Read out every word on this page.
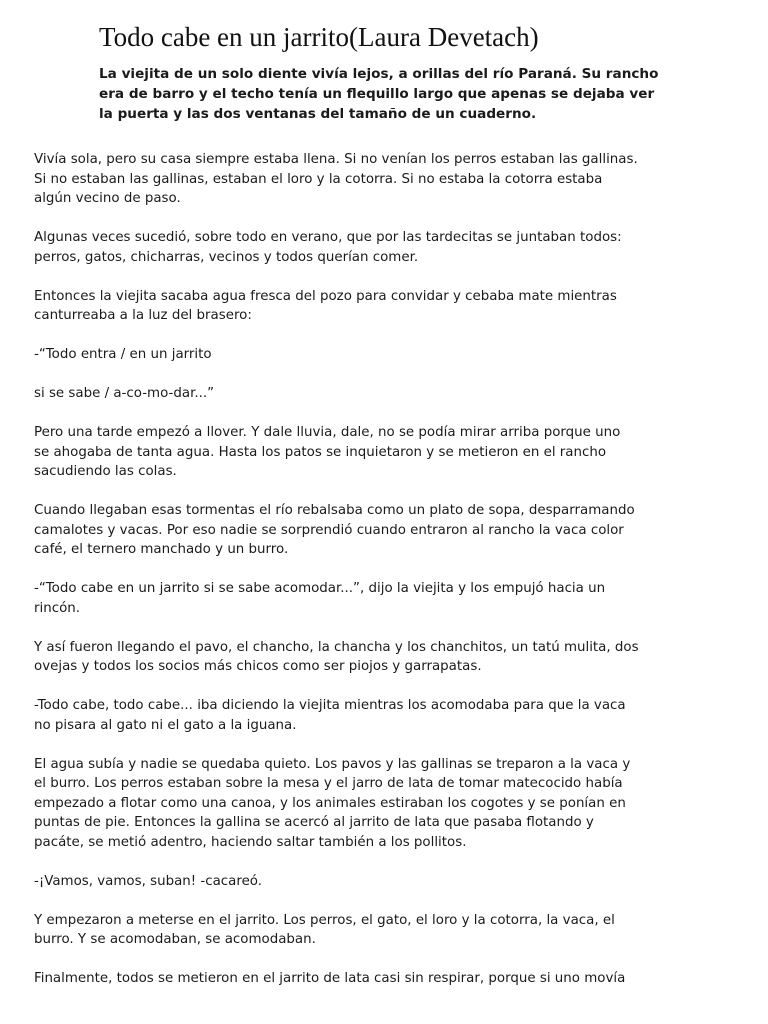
Todo cabe en un jarrito(Laura Devetach)
La viejita de un solo diente vivía lejos, a orillas del río Paraná. Su rancho
era de barro y el techo tenía un flequillo largo que apenas se dejaba ver
la puerta y las dos ventanas del tamaño de un cuaderno.

Vivía sola, pero su casa siempre estaba llena. Si no venían los perros estaban las gallinas.
Si no estaban las gallinas, estaban el loro y la cotorra. Si no estaba la cotorra estaba
algún vecino de paso.

Algunas veces sucedió, sobre todo en verano, que por las tardecitas se juntaban todos:
perros, gatos, chicharras, vecinos y todos querían comer.

Entonces la viejita sacaba agua fresca del pozo para convidar y cebaba mate mientras
canturreaba a la luz del brasero:

-“Todo entra / en un jarrito

si se sabe / a-co-mo-dar...”

Pero una tarde empezó a llover. Y dale lluvia, dale, no se podía mirar arriba porque uno
se ahogaba de tanta agua. Hasta los patos se inquietaron y se metieron en el rancho
sacudiendo las colas.

Cuando llegaban esas tormentas el río rebalsaba como un plato de sopa, desparramando
camalotes y vacas. Por eso nadie se sorprendió cuando entraron al rancho la vaca color
café, el ternero manchado y un burro.

-“Todo cabe en un jarrito si se sabe acomodar...”, dijo la viejita y los empujó hacia un
rincón.

Y así fueron llegando el pavo, el chancho, la chancha y los chanchitos, un tatú mulita, dos
ovejas y todos los socios más chicos como ser piojos y garrapatas.

-Todo cabe, todo cabe... iba diciendo la viejita mientras los acomodaba para que la vaca
no pisara al gato ni el gato a la iguana.

El agua subía y nadie se quedaba quieto. Los pavos y las gallinas se treparon a la vaca y
el burro. Los perros estaban sobre la mesa y el jarro de lata de tomar matecocido había
empezado a flotar como una canoa, y los animales estiraban los cogotes y se ponían en
puntas de pie. Entonces la gallina se acercó al jarrito de lata que pasaba flotando y
pacáte, se metió adentro, haciendo saltar también a los pollitos.

-¡Vamos, vamos, suban! -cacareó.

Y empezaron a meterse en el jarrito. Los perros, el gato, el loro y la cotorra, la vaca, el
burro. Y se acomodaban, se acomodaban.

Finalmente, todos se metieron en el jarrito de lata casi sin respirar, porque si uno movía
